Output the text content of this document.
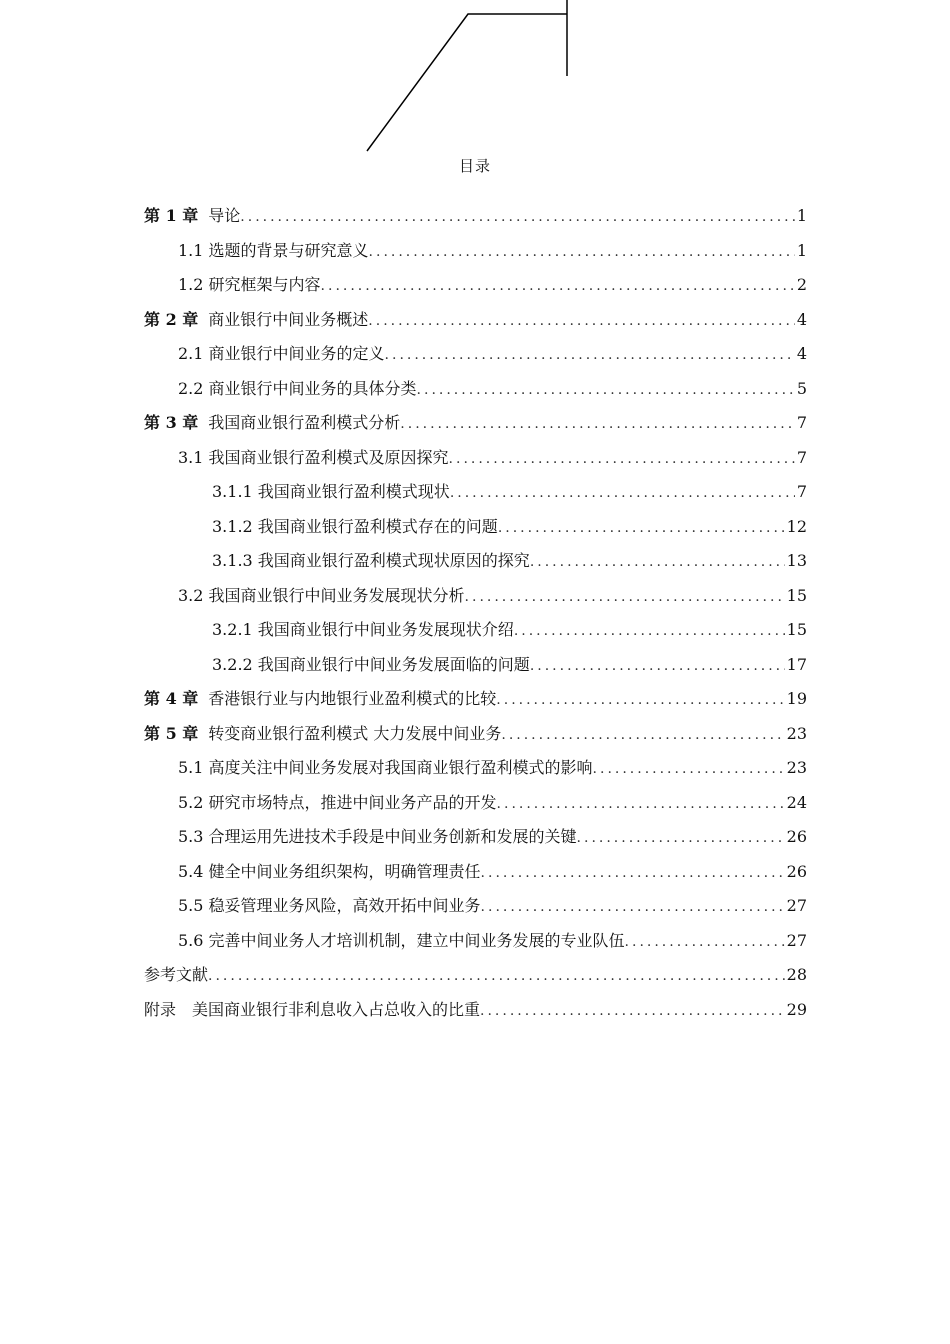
目录
第 1 章 导论 .....	1
1.1 选题的背景与研究意义 .....	1
1.2 研究框架与内容 .....	2
第 2 章 商业银行中间业务概述 .....	4
2.1 商业银行中间业务的定义 .....	4
2.2 商业银行中间业务的具体分类 .....	5
第 3 章 我国商业银行盈利模式分析 .....	7
3.1 我国商业银行盈利模式及原因探究 .....	7
3.1.1 我国商业银行盈利模式现状 .....	7
3.1.2 我国商业银行盈利模式存在的问题 .....	12
3.1.3 我国商业银行盈利模式现状原因的探究 .....	13
3.2 我国商业银行中间业务发展现状分析 .....	15
3.2.1 我国商业银行中间业务发展现状介绍 .....	15
3.2.2 我国商业银行中间业务发展面临的问题 .....	17
第 4 章 香港银行业与内地银行业盈利模式的比较 .....	19
第 5 章 转变商业银行盈利模式 大力发展中间业务 .....	23
5.1 高度关注中间业务发展对我国商业银行盈利模式的影响 .....	23
5.2 研究市场特点，推进中间业务产品的开发 .....	24
5.3 合理运用先进技术手段是中间业务创新和发展的关键 .....	26
5.4 健全中间业务组织架构，明确管理责任 .....	26
5.5 稳妥管理业务风险，高效开拓中间业务 .....	27
5.6 完善中间业务人才培训机制，建立中间业务发展的专业队伍 .....	27
参考文献 .....	28
附录　美国商业银行非利息收入占总收入的比重 .....	29
